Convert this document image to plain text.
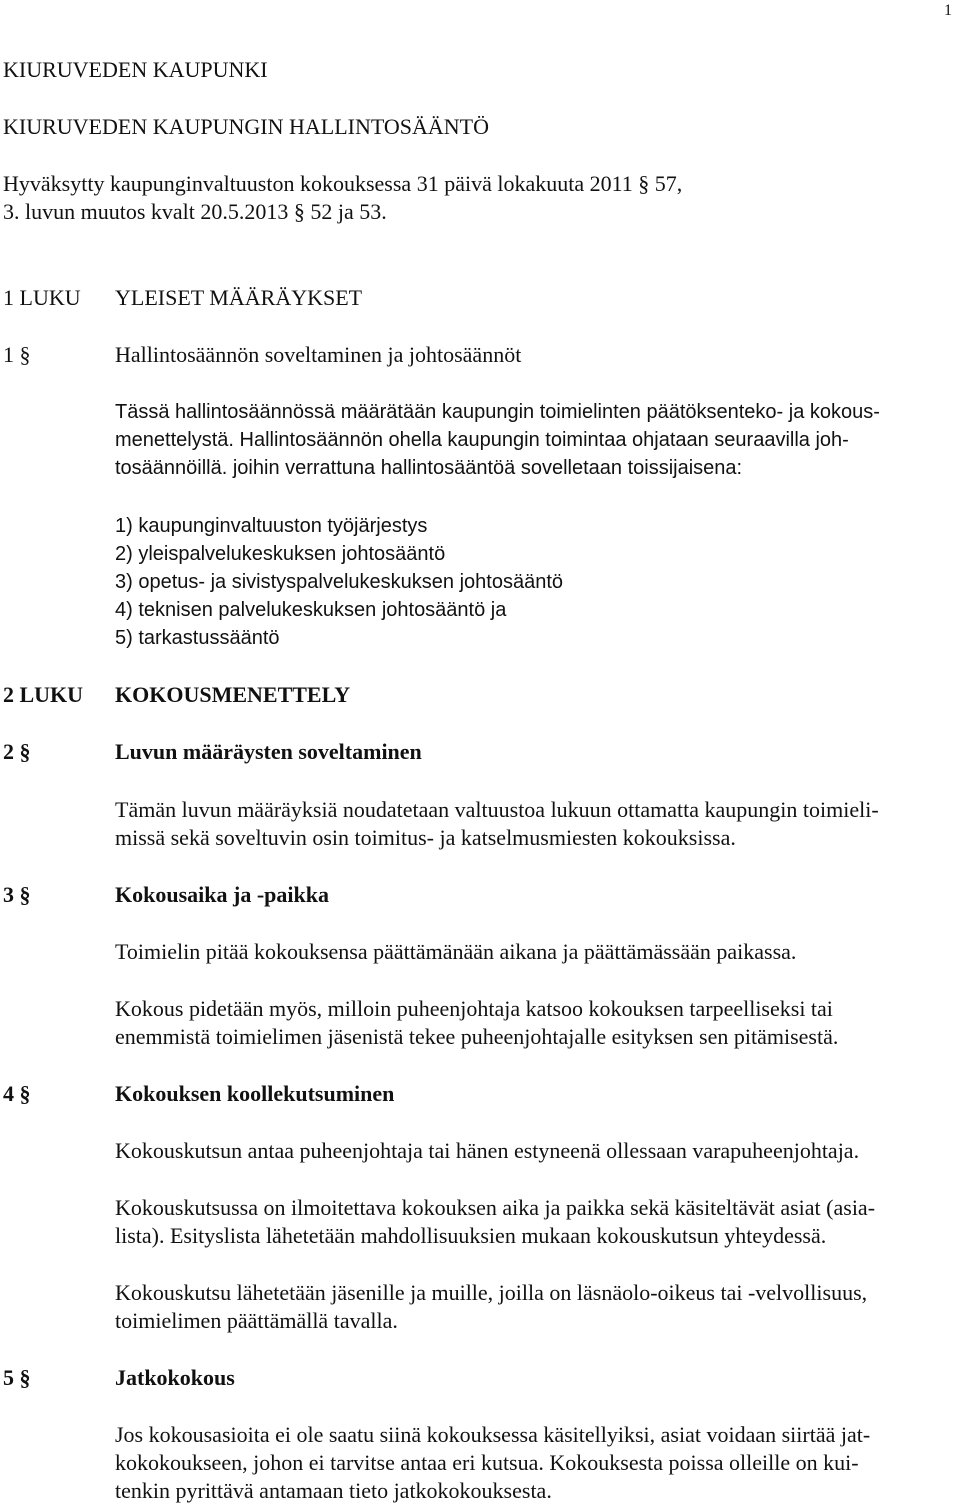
1
KIURUVEDEN KAUPUNKI
KIURUVEDEN KAUPUNGIN HALLINTOSÄÄNTÖ
Hyväksytty kaupunginvaltuuston kokouksessa 31 päivä lokakuuta 2011 § 57,
3. luvun muutos kvalt 20.5.2013 § 52 ja 53.
1 LUKU YLEISET MÄÄRÄYKSET
1 §	Hallintosäännön soveltaminen ja johtosäännöt
Tässä hallintosäännössä määrätään kaupungin toimielinten päätöksenteko- ja kokous-
menettelystä. Hallintosäännön ohella kaupungin toimintaa ohjataan seuraavilla joh-
tosäännöillä. joihin verrattuna hallintosääntöä sovelletaan toissijaisena:
1) kaupunginvaltuuston työjärjestys
2) yleispalvelukeskuksen johtosääntö
3) opetus- ja sivistyspalvelukeskuksen johtosääntö
4) teknisen palvelukeskuksen johtosääntö ja
5) tarkastussääntö
2 LUKU KOKOUSMENETTELY
2 §	Luvun määräysten soveltaminen
Tämän luvun määräyksiä noudatetaan valtuustoa lukuun ottamatta kaupungin toimieli-
missä sekä soveltuvin osin toimitus- ja katselmusmiesten kokouksissa.
3 §	Kokousaika ja -paikka
Toimielin pitää kokouksensa päättämänään aikana ja päättämässään paikassa.
Kokous pidetään myös, milloin puheenjohtaja katsoo kokouksen tarpeelliseksi tai
enemmistä toimielimen jäsenistä tekee puheenjohtajalle esityksen sen pitämisestä.
4 §	Kokouksen koollekutsuminen
Kokouskutsun antaa puheenjohtaja tai hänen estyneenä ollessaan varapuheenjohtaja.
Kokouskutsussa on ilmoitettava kokouksen aika ja paikka sekä käsiteltävät asiat (asia-
lista). Esityslista lähetetään mahdollisuuksien mukaan kokouskutsun yhteydessä.
Kokouskutsu lähetetään jäsenille ja muille, joilla on läsnäolo-oikeus tai -velvollisuus,
toimielimen päättämällä tavalla.
5 §	Jatkokokous
Jos kokousasioita ei ole saatu siinä kokouksessa käsitellyiksi, asiat voidaan siirtää jat-
kokokoukseen, johon ei tarvitse antaa eri kutsua. Kokouksesta poissa olleille on kui-
tenkin pyrittävä antamaan tieto jatkokokouksesta.
